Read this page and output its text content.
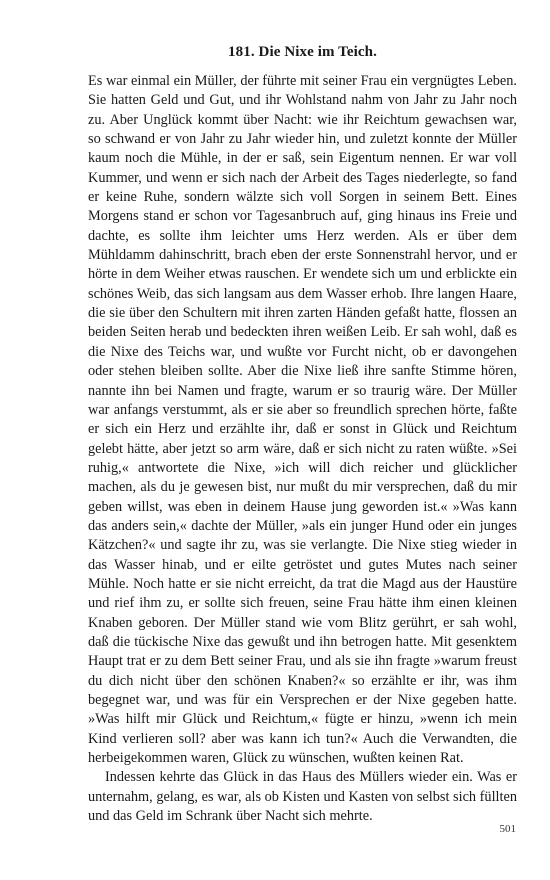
181. Die Nixe im Teich.

Es war einmal ein Müller, der führte mit seiner Frau ein vergnügtes Leben. Sie hatten Geld und Gut, und ihr Wohlstand nahm von Jahr zu Jahr noch zu. Aber Unglück kommt über Nacht: wie ihr Reichtum gewachsen war, so schwand er von Jahr zu Jahr wieder hin, und zuletzt konnte der Müller kaum noch die Mühle, in der er saß, sein Eigentum nennen. Er war voll Kummer, und wenn er sich nach der Arbeit des Tages niederlegte, so fand er keine Ruhe, sondern wälzte sich voll Sorgen in seinem Bett. Eines Morgens stand er schon vor Tagesanbruch auf, ging hinaus ins Freie und dachte, es sollte ihm leichter ums Herz werden. Als er über dem Mühldamm dahinschritt, brach eben der erste Sonnenstrahl hervor, und er hörte in dem Weiher etwas rauschen. Er wendete sich um und erblickte ein schönes Weib, das sich langsam aus dem Wasser erhob. Ihre langen Haare, die sie über den Schultern mit ihren zarten Händen gefaßt hatte, flossen an beiden Seiten herab und bedeckten ihren weißen Leib. Er sah wohl, daß es die Nixe des Teichs war, und wußte vor Furcht nicht, ob er davongehen oder stehen bleiben sollte. Aber die Nixe ließ ihre sanfte Stimme hören, nannte ihn bei Namen und fragte, warum er so traurig wäre. Der Müller war anfangs verstummt, als er sie aber so freundlich sprechen hörte, faßte er sich ein Herz und erzählte ihr, daß er sonst in Glück und Reichtum gelebt hätte, aber jetzt so arm wäre, daß er sich nicht zu raten wüßte. »Sei ruhig,« antwortete die Nixe, »ich will dich reicher und glücklicher machen, als du je gewesen bist, nur mußt du mir versprechen, daß du mir geben willst, was eben in deinem Hause jung geworden ist.« »Was kann das anders sein,« dachte der Müller, »als ein junger Hund oder ein junges Kätzchen?« und sagte ihr zu, was sie verlangte. Die Nixe stieg wieder in das Wasser hinab, und er eilte getröstet und gutes Mutes nach seiner Mühle. Noch hatte er sie nicht erreicht, da trat die Magd aus der Haustüre und rief ihm zu, er sollte sich freuen, seine Frau hätte ihm einen kleinen Knaben geboren. Der Müller stand wie vom Blitz gerührt, er sah wohl, daß die tückische Nixe das gewußt und ihn betrogen hatte. Mit gesenktem Haupt trat er zu dem Bett seiner Frau, und als sie ihn fragte »warum freust du dich nicht über den schönen Knaben?« so erzählte er ihr, was ihm begegnet war, und was für ein Versprechen er der Nixe gegeben hatte. »Was hilft mir Glück und Reichtum,« fügte er hinzu, »wenn ich mein Kind verlieren soll? aber was kann ich tun?« Auch die Verwandten, die herbeigekommen waren, Glück zu wünschen, wußten keinen Rat.

Indessen kehrte das Glück in das Haus des Müllers wieder ein. Was er unternahm, gelang, es war, als ob Kisten und Kasten von selbst sich füllten und das Geld im Schrank über Nacht sich mehrte.

501
